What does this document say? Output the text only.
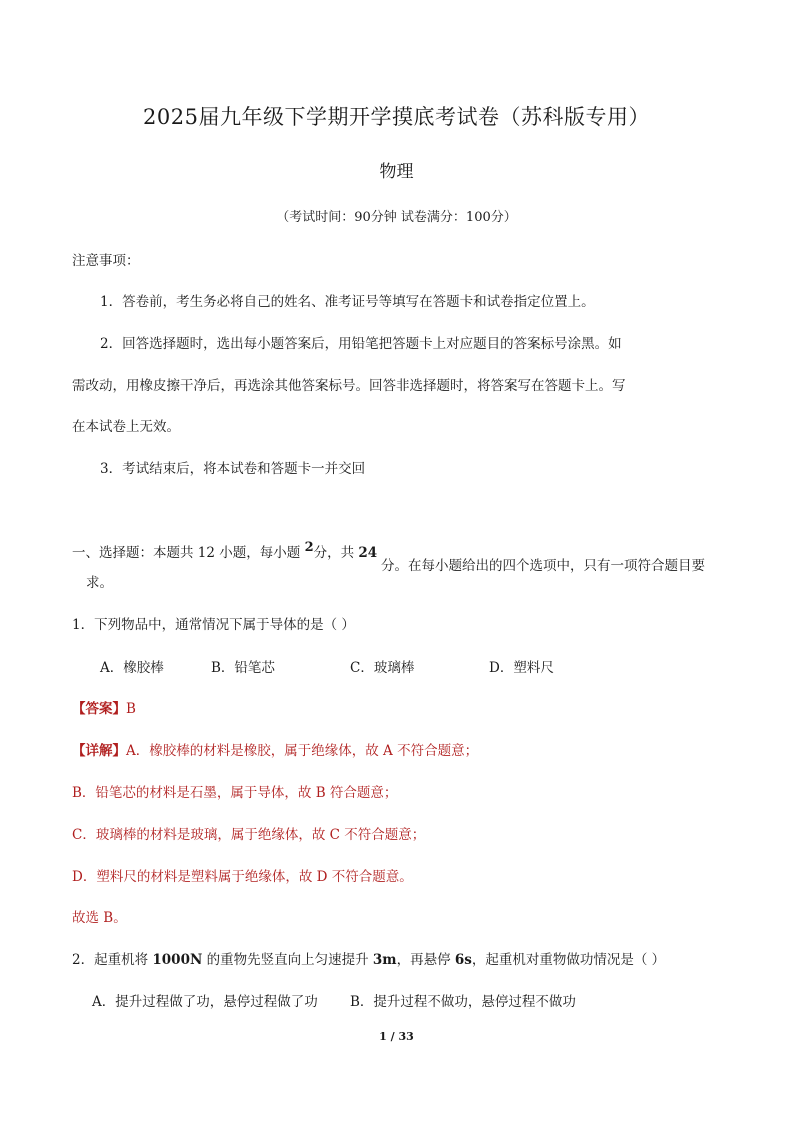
2025届九年级下学期开学摸底考试卷（苏科版专用）
物理
（考试时间：90分钟 试卷满分：100分）
注意事项：
1．答卷前，考生务必将自己的姓名、准考证号等填写在答题卡和试卷指定位置上。
2．回答选择题时，选出每小题答案后，用铅笔把答题卡上对应题目的答案标号涂黑。如
需改动，用橡皮擦干净后，再选涂其他答案标号。回答非选择题时，将答案写在答题卡上。写
在本试卷上无效。
3．考试结束后，将本试卷和答题卡一并交回
一、选择题：本题共 12 小题，每小题 2分，共 24
分。在每小题给出的四个选项中，只有一项符合题目要
求。
1．下列物品中，通常情况下属于导体的是（ ）
A．橡胶棒	B．铅笔芯	C．玻璃棒	D．塑料尺
【答案】B
【详解】A．橡胶棒的材料是橡胶，属于绝缘体，故 A 不符合题意；
B．铅笔芯的材料是石墨，属于导体，故 B 符合题意；
C．玻璃棒的材料是玻璃，属于绝缘体，故 C 不符合题意；
D．塑料尺的材料是塑料属于绝缘体，故 D 不符合题意。
故选 B。
2．起重机将 1000N 的重物先竖直向上匀速提升 3m，再悬停 6s，起重机对重物做功情况是（ ）
A．提升过程做了功，悬停过程做了功 B．提升过程不做功，悬停过程不做功
1 / 33
